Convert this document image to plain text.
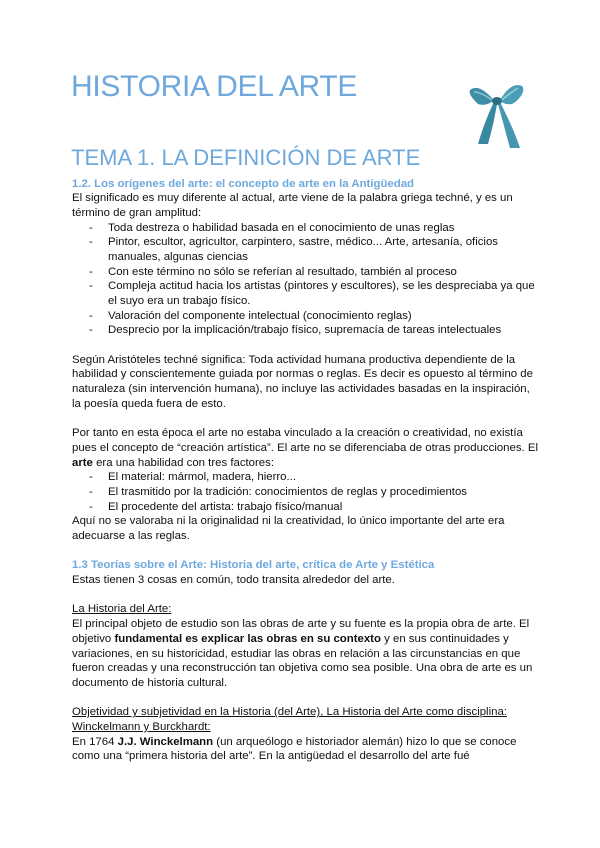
HISTORIA DEL ARTE
TEMA 1. LA DEFINICIÓN DE ARTE
1.2. Los orígenes del arte: el concepto de arte en la Antigüedad
El significado es muy diferente al actual, arte viene de la palabra griega techné, y es un
término de gran amplitud:
- Toda destreza o habilidad basada en el conocimiento de unas reglas
- Pintor, escultor, agricultor, carpintero, sastre, médico... Arte, artesanía, oficios
manuales, algunas ciencias
- Con este término no sólo se referían al resultado, también al proceso
- Compleja actitud hacia los artistas (pintores y escultores), se les despreciaba ya que
el suyo era un trabajo físico.
- Valoración del componente intelectual (conocimiento reglas)
- Desprecio por la implicación/trabajo físico, supremacía de tareas intelectuales
Según Aristóteles techné significa: Toda actividad humana productiva dependiente de la
habilidad y conscientemente guiada por normas o reglas. Es decir es opuesto al término de
naturaleza (sin intervención humana), no incluye las actividades basadas en la inspiración,
la poesía queda fuera de esto.
Por tanto en esta época el arte no estaba vinculado a la creación o creatividad, no existía
pues el concepto de “creación artística”. El arte no se diferenciaba de otras producciones. El
arte era una habilidad con tres factores:
- El material: mármol, madera, hierro...
- El trasmitido por la tradición: conocimientos de reglas y procedimientos
- El procedente del artista: trabajo físico/manual
Aquí no se valoraba ni la originalidad ni la creatividad, lo único importante del arte era
adecuarse a las reglas.
1.3 Teorías sobre el Arte: Historia del arte, crítica de Arte y Estética
Estas tienen 3 cosas en común, todo transita alrededor del arte.
La Historia del Arte:
El principal objeto de estudio son las obras de arte y su fuente es la propia obra de arte. El
objetivo fundamental es explicar las obras en su contexto y en sus continuidades y
variaciones, en su historicidad, estudiar las obras en relación a las circunstancias en que
fueron creadas y una reconstrucción tan objetiva como sea posible. Una obra de arte es un
documento de historia cultural.
Objetividad y subjetividad en la Historia (del Arte), La Historia del Arte como disciplina:
Winckelmann y Burckhardt:
En 1764 J.J. Winckelmann (un arqueólogo e historiador alemán) hizo lo que se conoce
como una “primera historia del arte”. En la antigüedad el desarrollo del arte fué
